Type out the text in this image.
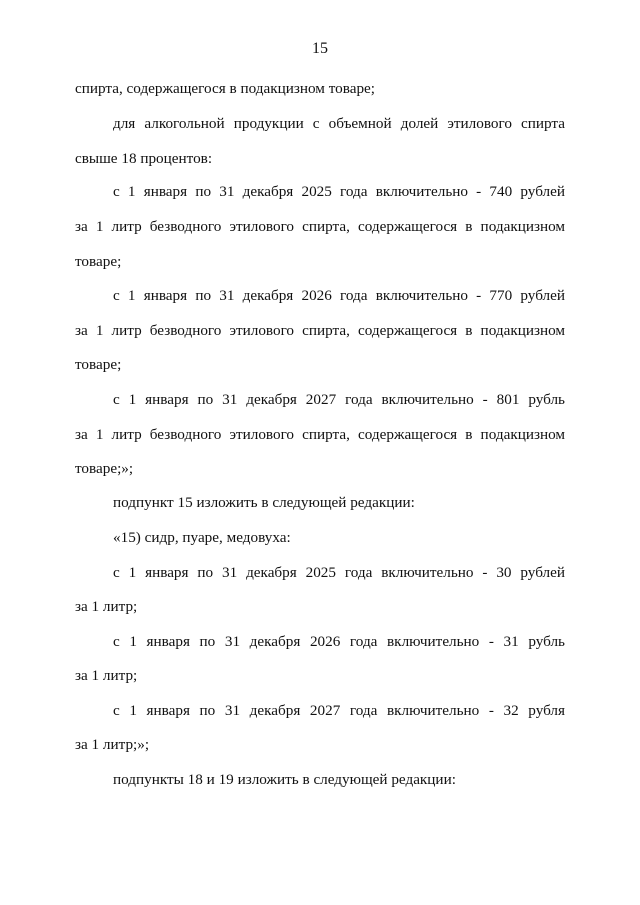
15
спирта, содержащегося в подакцизном товаре;
для алкогольной продукции с объемной долей этилового спирта
свыше 18 процентов:
с 1 января по 31 декабря 2025 года включительно - 740 рублей
за 1 литр безводного этилового спирта, содержащегося в подакцизном
товаре;
с 1 января по 31 декабря 2026 года включительно - 770 рублей
за 1 литр безводного этилового спирта, содержащегося в подакцизном
товаре;
с 1 января по 31 декабря 2027 года включительно - 801 рубль
за 1 литр безводного этилового спирта, содержащегося в подакцизном
товаре;»;
подпункт 15 изложить в следующей редакции:
«15) сидр, пуаре, медовуха:
с 1 января по 31 декабря 2025 года включительно - 30 рублей
за 1 литр;
с 1 января по 31 декабря 2026 года включительно - 31 рубль
за 1 литр;
с 1 января по 31 декабря 2027 года включительно - 32 рубля
за 1 литр;»;
подпункты 18 и 19 изложить в следующей редакции:
